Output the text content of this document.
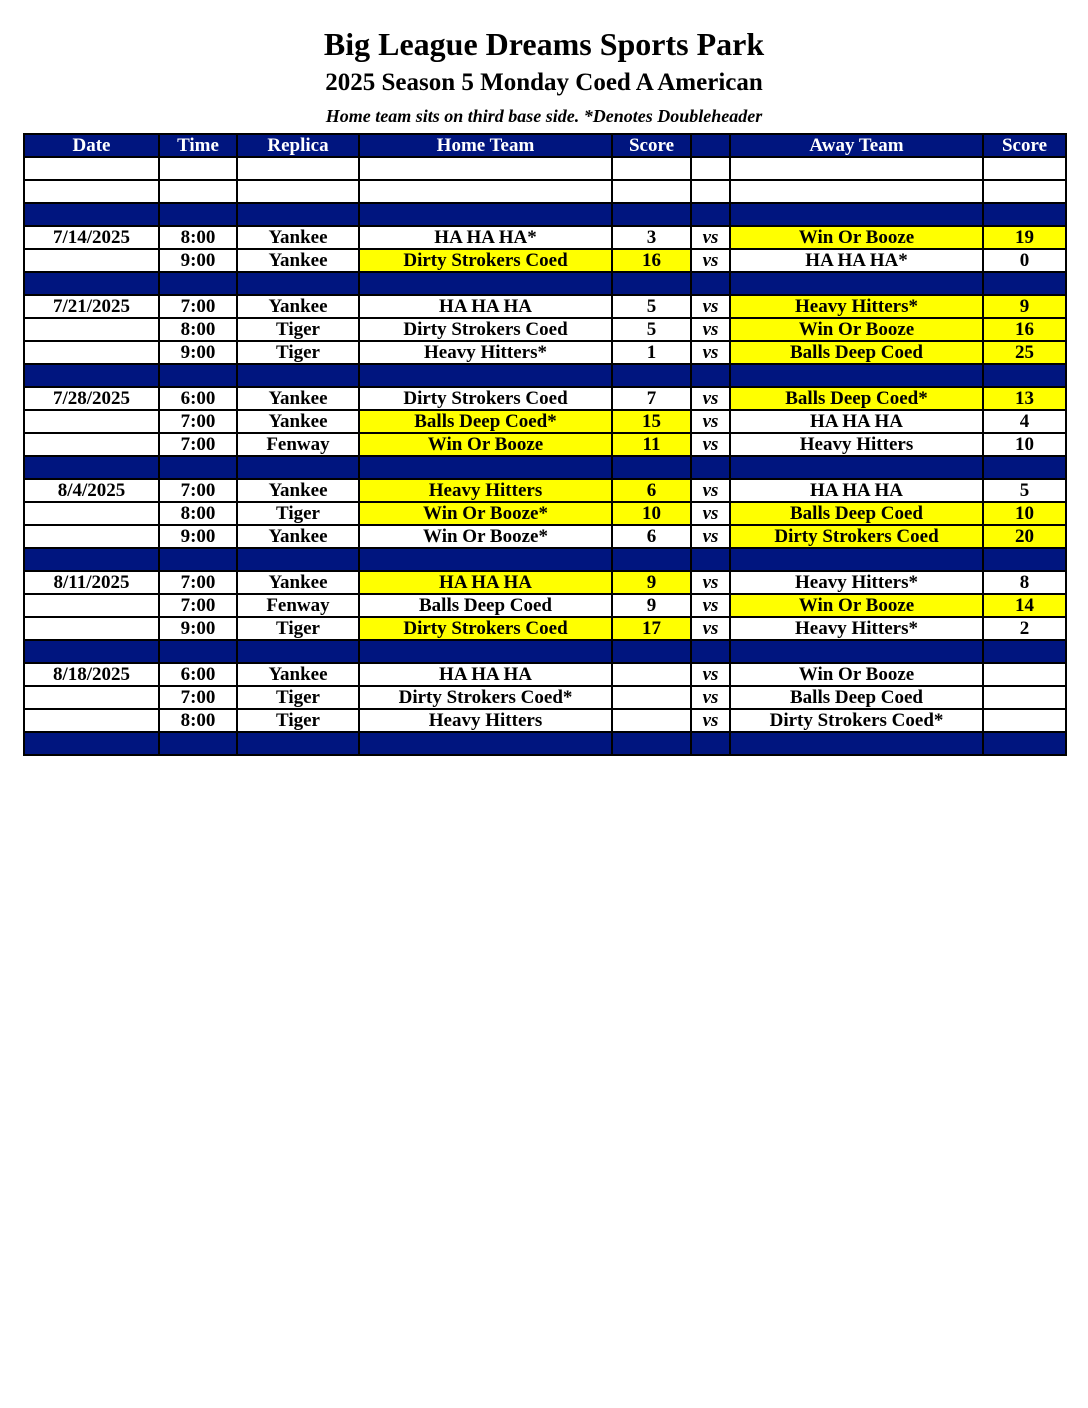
Big League Dreams Sports Park
2025 Season 5 Monday Coed A American
Home team sits on third base side. *Denotes Doubleheader
Date	Time	Replica	Home Team	Score		Away Team	Score

7/14/2025	8:00	Yankee	HA HA HA*	3	vs	Win Or Booze	19
	9:00	Yankee	Dirty Strokers Coed	16	vs	HA HA HA*	0

7/21/2025	7:00	Yankee	HA HA HA	5	vs	Heavy Hitters*	9
	8:00	Tiger	Dirty Strokers Coed	5	vs	Win Or Booze	16
	9:00	Tiger	Heavy Hitters*	1	vs	Balls Deep Coed	25

7/28/2025	6:00	Yankee	Dirty Strokers Coed	7	vs	Balls Deep Coed*	13
	7:00	Yankee	Balls Deep Coed*	15	vs	HA HA HA	4
	7:00	Fenway	Win Or Booze	11	vs	Heavy Hitters	10

8/4/2025	7:00	Yankee	Heavy Hitters	6	vs	HA HA HA	5
	8:00	Tiger	Win Or Booze*	10	vs	Balls Deep Coed	10
	9:00	Yankee	Win Or Booze*	6	vs	Dirty Strokers Coed	20

8/11/2025	7:00	Yankee	HA HA HA	9	vs	Heavy Hitters*	8
	7:00	Fenway	Balls Deep Coed	9	vs	Win Or Booze	14
	9:00	Tiger	Dirty Strokers Coed	17	vs	Heavy Hitters*	2

8/18/2025	6:00	Yankee	HA HA HA		vs	Win Or Booze	
	7:00	Tiger	Dirty Strokers Coed*		vs	Balls Deep Coed	
	8:00	Tiger	Heavy Hitters		vs	Dirty Strokers Coed*	
